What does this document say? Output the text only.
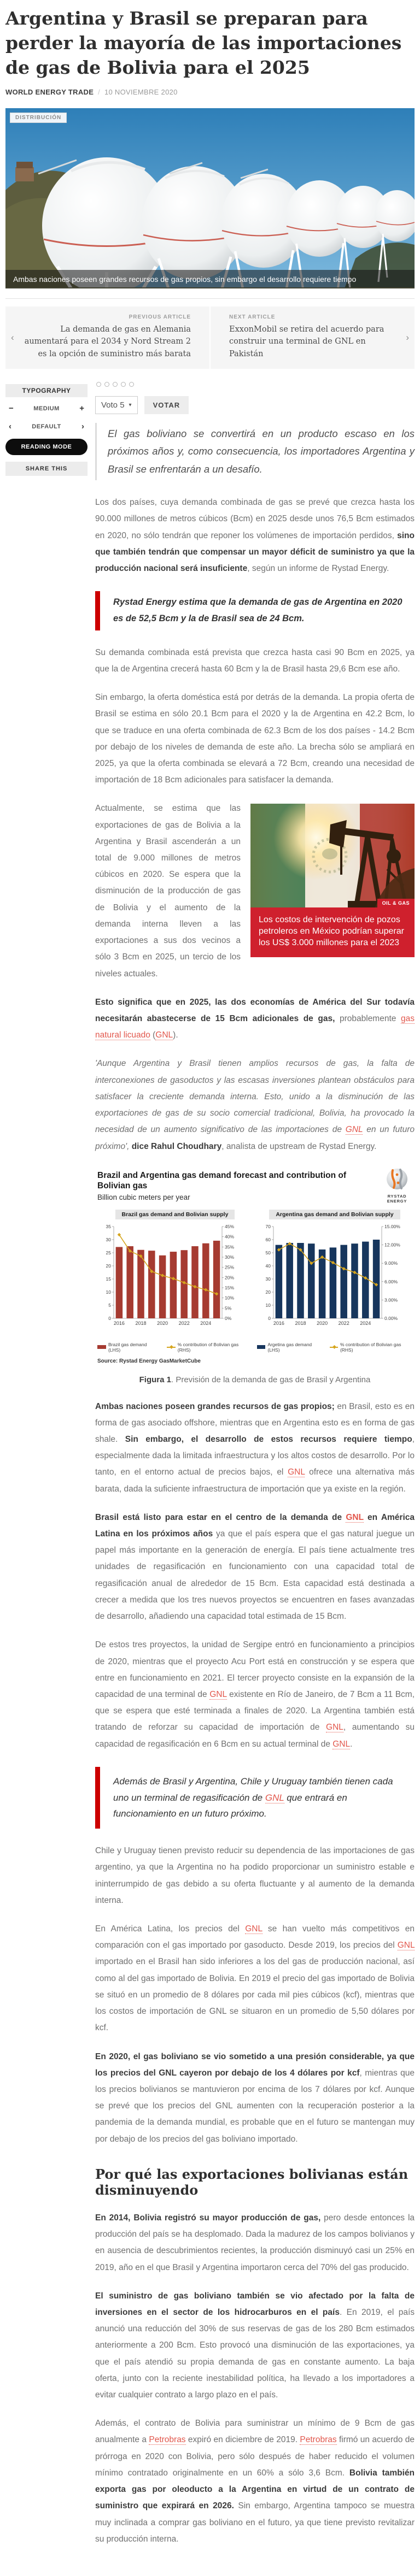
Argentina y Brasil se preparan para perder la mayoría de las importaciones de gas de Bolivia para el 2025
WORLD ENERGY TRADE / 10 NOVIEMBRE 2020
DISTRIBUCIÓN
Ambas naciones poseen grandes recursos de gas propios, sin embargo el desarrollo requiere tiempo
‹
PREVIOUS ARTICLE
La demanda de gas en Alemania aumentará para el 2034 y Nord Stream 2 es la opción de suministro más barata
›
NEXT ARTICLE
ExxonMobil se retira del acuerdo para construir una terminal de GNL en Pakistán
TYPOGRAPHY
−	MEDIUM +
‹	DEFAULT ›
READING MODE
SHARE THIS
Voto 5 ▾	VOTAR
El gas boliviano se convertirá en un producto escaso en los próximos años y, como consecuencia, los importadores Argentina y Brasil se enfrentarán a un desafío.

Los dos países, cuya demanda combinada de gas se prevé que crezca hasta los 90.000 millones de metros cúbicos (Bcm) en 2025 desde unos 76,5 Bcm estimados en 2020, no sólo tendrán que reponer los volúmenes de importación perdidos, sino que también tendrán que compensar un mayor déficit de suministro ya que la producción nacional será insuficiente, según un informe de Rystad Energy.

Rystad Energy estima que la demanda de gas de Argentina en 2020 es de 52,5 Bcm y la de Brasil sea de 24 Bcm.

Su demanda combinada está prevista que crezca hasta casi 90 Bcm en 2025, ya que la de Argentina crecerá hasta 60 Bcm y la de Brasil hasta 29,6 Bcm ese año.

Sin embargo, la oferta doméstica está por detrás de la demanda. La propia oferta de Brasil se estima en sólo 20.1 Bcm para el 2020 y la de Argentina en 42.2 Bcm, lo que se traduce en una oferta combinada de 62.3 Bcm de los dos países - 14.2 Bcm por debajo de los niveles de demanda de este año. La brecha sólo se ampliará en 2025, ya que la oferta combinada se elevará a 72 Bcm, creando una necesidad de importación de 18 Bcm adicionales para satisfacer la demanda.

OIL & GAS
Los costos de intervención de pozos petroleros en México podrían superar los US$ 3.000 millones para el 2023

Actualmente, se estima que las exportaciones de gas de Bolivia a la Argentina y Brasil ascenderán a un total de 9.000 millones de metros cúbicos en 2020. Se espera que la disminución de la producción de gas de Bolivia y el aumento de la demanda interna lleven a las exportaciones a sus dos vecinos a sólo 3 Bcm en 2025, un tercio de los niveles actuales.

Esto significa que en 2025, las dos economías de América del Sur todavía necesitarán abastecerse de 15 Bcm adicionales de gas, probablemente gas natural licuado (GNL).

'Aunque Argentina y Brasil tienen amplios recursos de gas, la falta de interconexiones de gasoductos y las escasas inversiones plantean obstáculos para satisfacer la creciente demanda interna. Esto, unido a la disminución de las exportaciones de gas de su socio comercial tradicional, Bolivia, ha provocado la necesidad de un aumento significativo de las importaciones de GNL en un futuro próximo', dice Rahul Choudhary, analista de upstream de Rystad Energy.

Brazil and Argentina gas demand forecast and contribution of Bolivian gas
Billion cubic meters per year	RYSTAD ENERGY
Brazil gas demand and Bolivian supply
0
5
10
15
20
25
30
35
0%
5%
10%
15%
20%
25%
30%
35%
40%
45%
2016 2018 2020 2022 2024
Brazil gas demand (LHS)
% contribution of Bolivian gas (RHS)
Argentina gas demand and Bolivian supply
0
10
20
30
40
50
60
70
0.00%
3.00%
6.00%
9.00%
12.00%
15.00%
2016 2018 2020 2022 2024
Argetina gas demand (LHS)
% contribution of Bolivian gas (RHS)
Source: Rystad Energy GasMarketCube
Figura 1. Previsión de la demanda de gas de Brasil y Argentina

Ambas naciones poseen grandes recursos de gas propios; en Brasil, esto es en forma de gas asociado offshore, mientras que en Argentina esto es en forma de gas shale. Sin embargo, el desarrollo de estos recursos requiere tiempo, especialmente dada la limitada infraestructura y los altos costos de desarrollo. Por lo tanto, en el entorno actual de precios bajos, el GNL ofrece una alternativa más barata, dada la suficiente infraestructura de importación que ya existe en la región.

Brasil está listo para estar en el centro de la demanda de GNL en América Latina en los próximos años ya que el país espera que el gas natural juegue un papel más importante en la generación de energía. El país tiene actualmente tres unidades de regasificación en funcionamiento con una capacidad total de regasificación anual de alrededor de 15 Bcm. Esta capacidad está destinada a crecer a medida que los tres nuevos proyectos se encuentren en fases avanzadas de desarrollo, añadiendo una capacidad total estimada de 15 Bcm.

De estos tres proyectos, la unidad de Sergipe entró en funcionamiento a principios de 2020, mientras que el proyecto Acu Port está en construcción y se espera que entre en funcionamiento en 2021. El tercer proyecto consiste en la expansión de la capacidad de una terminal de GNL existente en Río de Janeiro, de 7 Bcm a 11 Bcm, que se espera que esté terminada a finales de 2020. La Argentina también está tratando de reforzar su capacidad de importación de GNL, aumentando su capacidad de regasificación en 6 Bcm en su actual terminal de GNL.

Además de Brasil y Argentina, Chile y Uruguay también tienen cada uno un terminal de regasificación de GNL que entrará en funcionamiento en un futuro próximo.

Chile y Uruguay tienen previsto reducir su dependencia de las importaciones de gas argentino, ya que la Argentina no ha podido proporcionar un suministro estable e ininterrumpido de gas debido a su oferta fluctuante y al aumento de la demanda interna.

En América Latina, los precios del GNL se han vuelto más competitivos en comparación con el gas importado por gasoducto. Desde 2019, los precios del GNL importado en el Brasil han sido inferiores a los del gas de producción nacional, así como al del gas importado de Bolivia. En 2019 el precio del gas importado de Bolivia se situó en un promedio de 8 dólares por cada mil pies cúbicos (kcf), mientras que los costos de importación de GNL se situaron en un promedio de 5,50 dólares por kcf.

En 2020, el gas boliviano se vio sometido a una presión considerable, ya que los precios del GNL cayeron por debajo de los 4 dólares por kcf, mientras que los precios bolivianos se mantuvieron por encima de los 7 dólares por kcf. Aunque se prevé que los precios del GNL aumenten con la recuperación posterior a la pandemia de la demanda mundial, es probable que en el futuro se mantengan muy por debajo de los precios del gas boliviano importado.

Por qué las exportaciones bolivianas están disminuyendo

En 2014, Bolivia registró su mayor producción de gas, pero desde entonces la producción del país se ha desplomado. Dada la madurez de los campos bolivianos y en ausencia de descubrimientos recientes, la producción disminuyó casi un 25% en 2019, año en el que Brasil y Argentina importaron cerca del 70% del gas producido.

El suministro de gas boliviano también se vio afectado por la falta de inversiones en el sector de los hidrocarburos en el país. En 2019, el país anunció una reducción del 30% de sus reservas de gas de los 280 Bcm estimados anteriormente a 200 Bcm. Esto provocó una disminución de las exportaciones, ya que el país atendió su propia demanda de gas en constante aumento. La baja oferta, junto con la reciente inestabilidad política, ha llevado a los importadores a evitar cualquier contrato a largo plazo en el país.

Además, el contrato de Bolivia para suministrar un mínimo de 9 Bcm de gas anualmente a Petrobras expiró en diciembre de 2019. Petrobras firmó un acuerdo de prórroga en 2020 con Bolivia, pero sólo después de haber reducido el volumen mínimo contratado originalmente en un 60% a sólo 3,6 Bcm. Bolivia también exporta gas por oleoducto a la Argentina en virtud de un contrato de suministro que expirará en 2026. Sin embargo, Argentina tampoco se muestra muy inclinada a comprar gas boliviano en el futuro, ya que tiene previsto revitalizar su producción interna.
